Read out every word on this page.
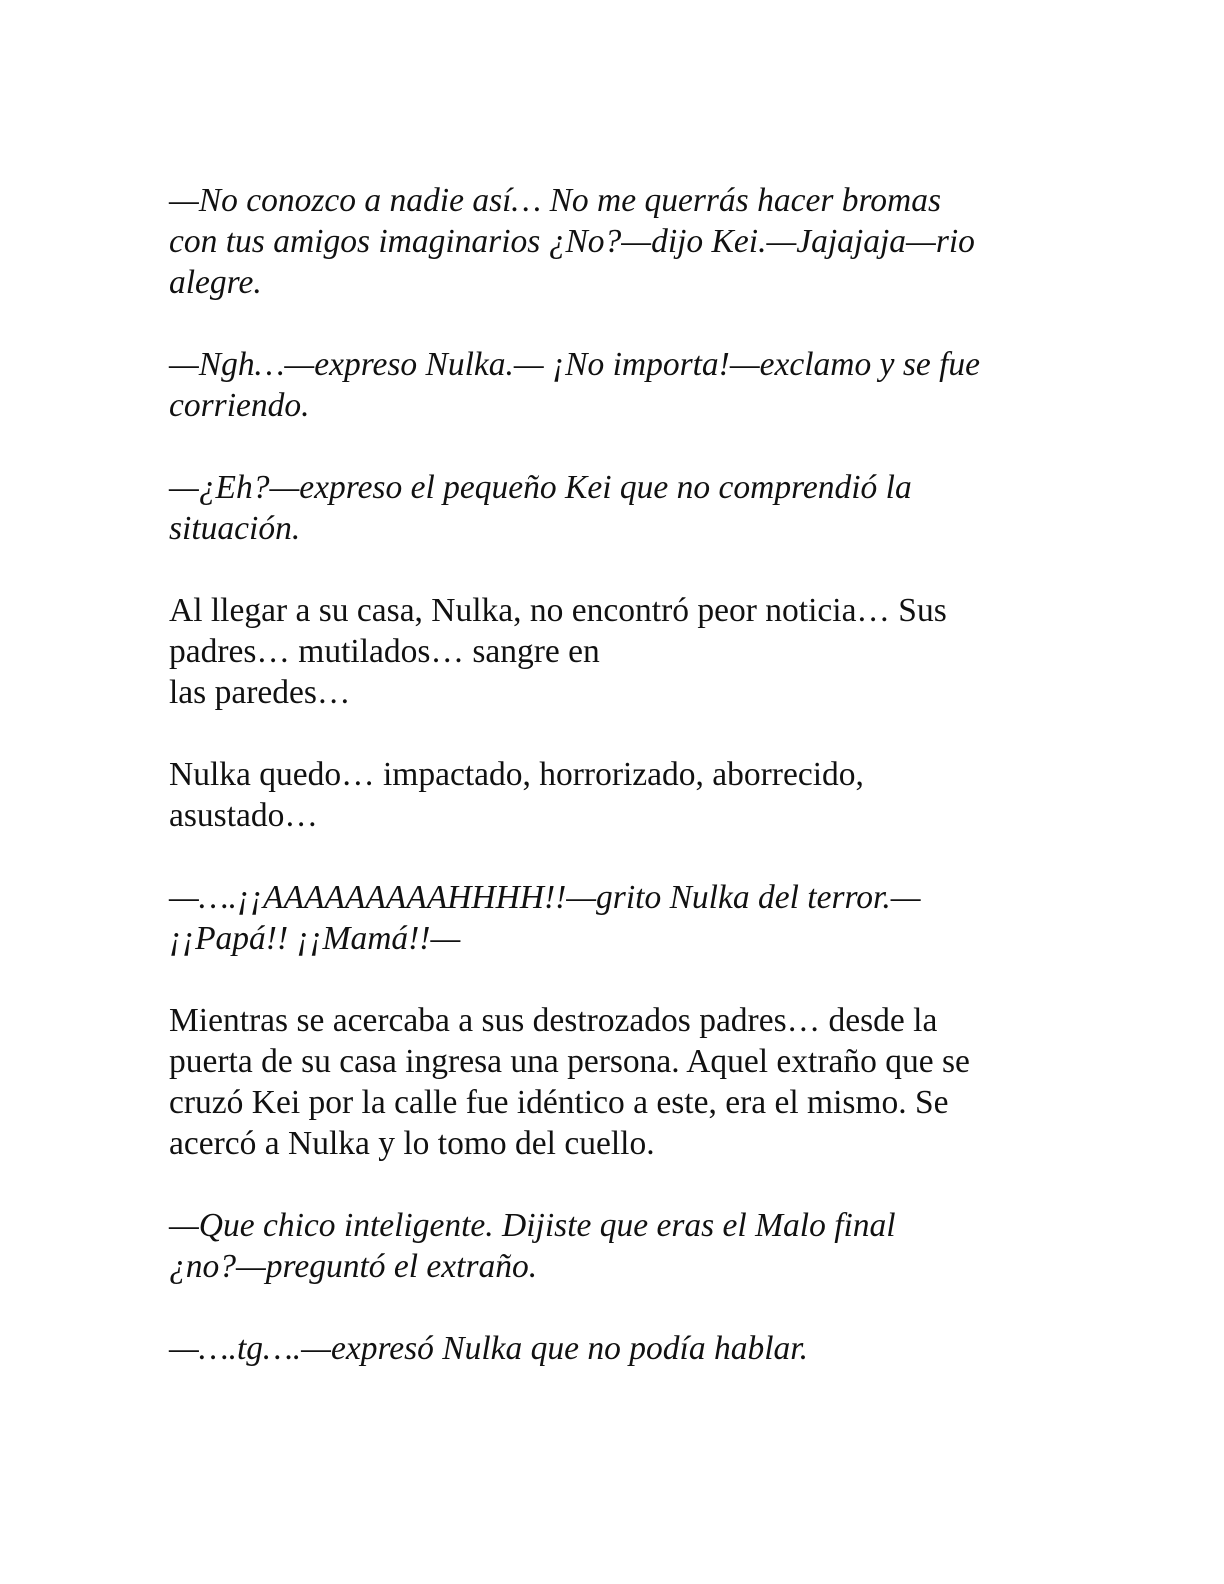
—No conozco a nadie así… No me querrás hacer bromas
con tus amigos imaginarios ¿No?—dijo Kei.—Jajajaja—rio
alegre.

—Ngh…—expreso Nulka.— ¡No importa!—exclamo y se fue
corriendo.

—¿Eh?—expreso el pequeño Kei que no comprendió la
situación.

Al llegar a su casa, Nulka, no encontró peor noticia… Sus
padres… mutilados… sangre en
las paredes…

Nulka quedo… impactado, horrorizado, aborrecido,
asustado…

—….¡¡AAAAAAAAAHHHH!!—grito Nulka del terror.—
¡¡Papá!! ¡¡Mamá!!—

Mientras se acercaba a sus destrozados padres… desde la
puerta de su casa ingresa una persona. Aquel extraño que se
cruzó Kei por la calle fue idéntico a este, era el mismo. Se
acercó a Nulka y lo tomo del cuello.

—Que chico inteligente. Dijiste que eras el Malo final
¿no?—preguntó el extraño.

—….tg….—expresó Nulka que no podía hablar.
